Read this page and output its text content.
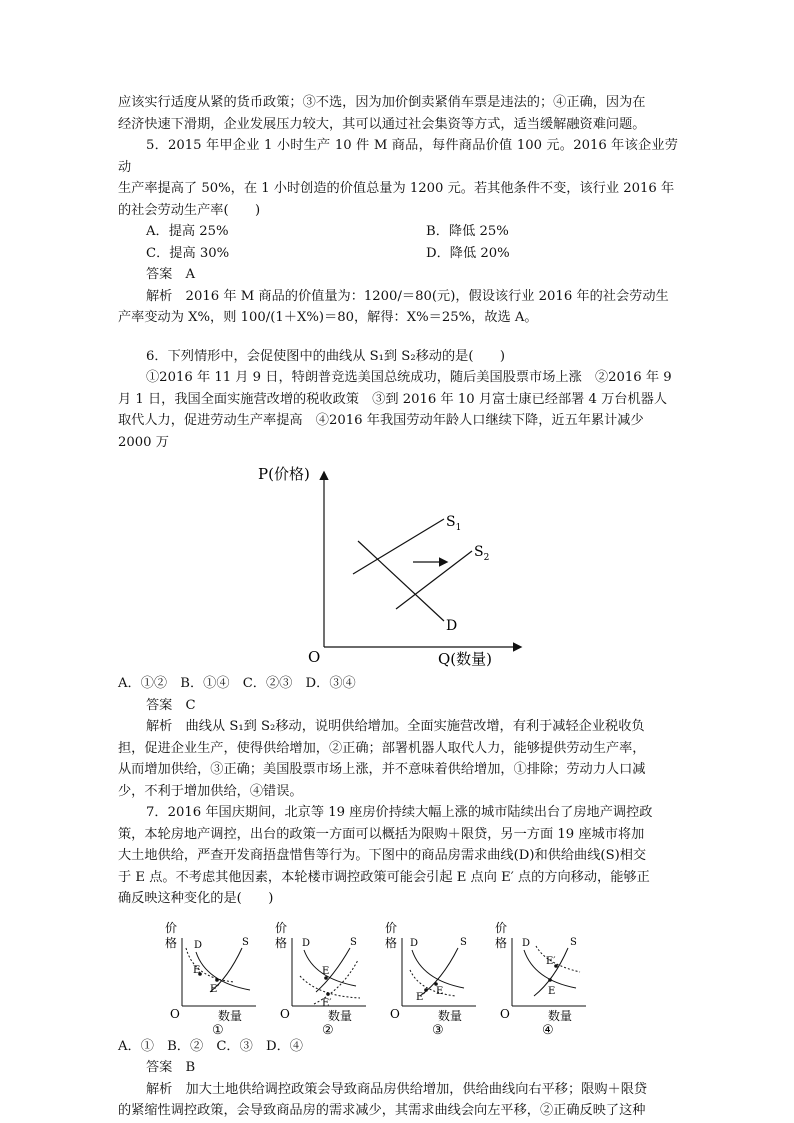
应该实行适度从紧的货币政策；③不选，因为加价倒卖紧俏车票是违法的；④正确，因为在

经济快速下滑期，企业发展压力较大，其可以通过社会集资等方式，适当缓解融资难问题。

5．2015 年甲企业 1 小时生产 10 件 M 商品，每件商品价值 100 元。2016 年该企业劳动

生产率提高了 50%，在 1 小时创造的价值总量为 1200 元。若其他条件不变，该行业 2016 年

的社会劳动生产率(　　)

A．提高 25%	B．降低 25%
C．提高 30%	D．降低 20%

答案　A

解析　2016 年 M 商品的价值量为：1200/＝80(元)，假设该行业 2016 年的社会劳动生

产率变动为 X%，则 100/(1＋X%)＝80，解得：X%＝25%，故选 A。

6．下列情形中，会促使图中的曲线从 S₁到 S₂移动的是(　　)

①2016 年 11 月 9 日，特朗普竞选美国总统成功，随后美国股票市场上涨　②2016 年 9

月 1 日，我国全面实施营改增的税收政策　③到 2016 年 10 月富士康已经部署 4 万台机器人

取代人力，促进劳动生产率提高　④2016 年我国劳动年龄人口继续下降，近五年累计减少

2000 万

P(价格)
O	Q(数量)
$S_1$
$S_2$
D

A．①②　B．①④　C．②③　D．③④

答案　C

解析　曲线从 S₁到 S₂移动，说明供给增加。全面实施营改增，有利于减轻企业税收负

担，促进企业生产，使得供给增加，②正确；部署机器人取代人力，能够提供劳动生产率，

从而增加供给，③正确；美国股票市场上涨，并不意味着供给增加，①排除；劳动力人口减

少，不利于增加供给，④错误。

7．2016 年国庆期间，北京等 19 座房价持续大幅上涨的城市陆续出台了房地产调控政

策，本轮房地产调控，出台的政策一方面可以概括为限购＋限贷，另一方面 19 座城市将加

大土地供给，严查开发商捂盘惜售等行为。下图中的商品房需求曲线(D)和供给曲线(S)相交

于 E 点。不考虑其他因素，本轮楼市调控政策可能会引起 E 点向 E′ 点的方向移动，能够正

确反映这种变化的是(　　)

价
格
O	数量
D	S
E
E′
①
价
格
O	数量
D	S
E
E′
②
价
格
O	数量
D	S
E
E′
③
价
格
O	数量
D	S
E
E′
④

A．①　B．②　C．③　D．④

答案　B

解析　加大土地供给调控政策会导致商品房供给增加，供给曲线向右平移；限购＋限贷

的紧缩性调控政策，会导致商品房的需求减少，其需求曲线会向左平移，②正确反映了这种
